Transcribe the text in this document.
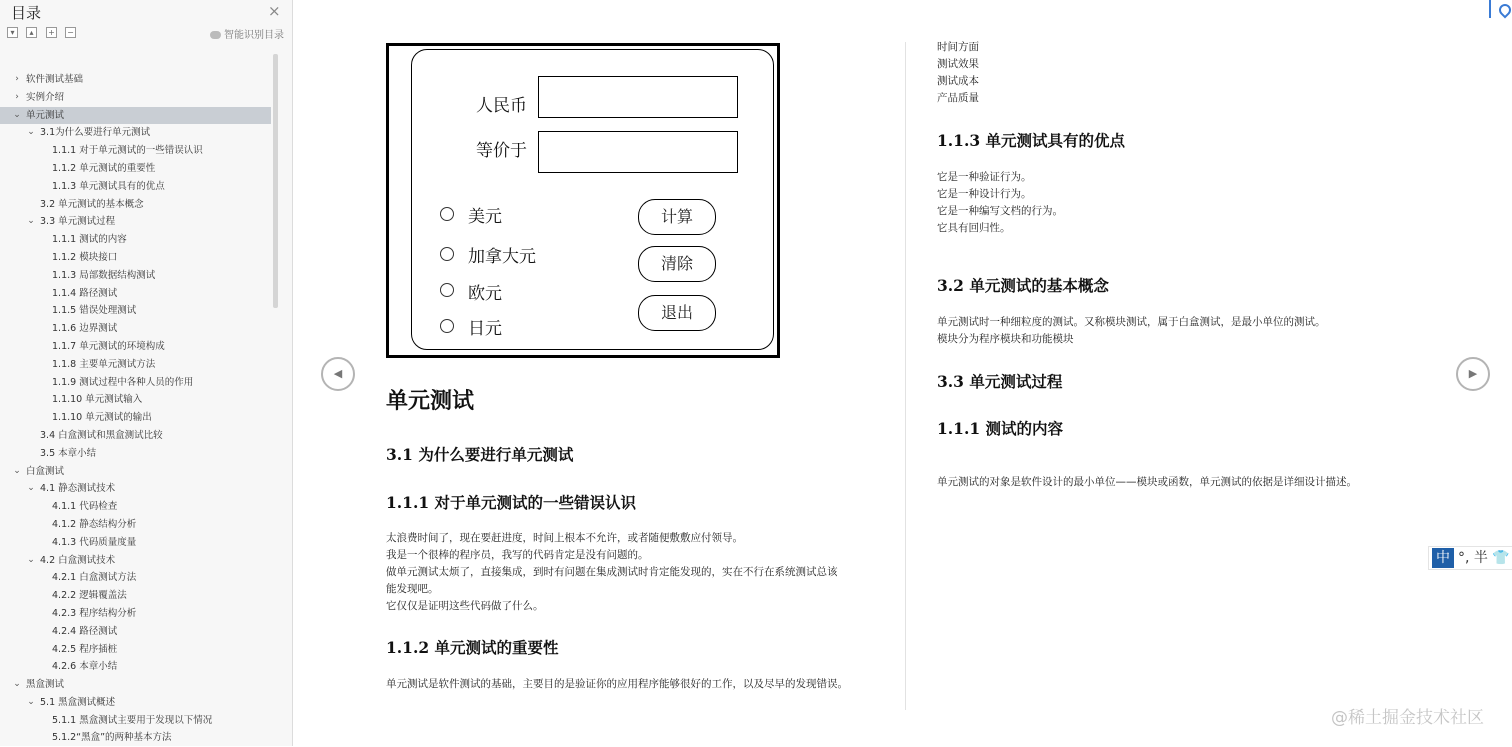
目录	×
▾	▴	+ −	智能识别目录
› 软件测试基础
› 实例介绍
⌄ 单元测试
⌄ 3.1为什么要进行单元测试
1.1.1 对于单元测试的一些错误认识
1.1.2 单元测试的重要性
1.1.3 单元测试具有的优点
3.2 单元测试的基本概念
⌄ 3.3 单元测试过程
1.1.1 测试的内容
1.1.2 模块接口
1.1.3 局部数据结构测试
1.1.4 路径测试
1.1.5 错误处理测试
1.1.6 边界测试
1.1.7 单元测试的环境构成
1.1.8 主要单元测试方法
1.1.9 测试过程中各种人员的作用
1.1.10 单元测试输入
1.1.10 单元测试的输出
3.4 白盒测试和黑盒测试比较
3.5 本章小结
⌄ 白盒测试
⌄ 4.1 静态测试技术
4.1.1 代码检查
4.1.2 静态结构分析
4.1.3 代码质量度量
⌄ 4.2 白盒测试技术
4.2.1 白盒测试方法
4.2.2 逻辑覆盖法
4.2.3 程序结构分析
4.2.4 路径测试
4.2.5 程序插桩
4.2.6 本章小结
⌄ 黑盒测试
⌄ 5.1 黑盒测试概述
5.1.1 黑盒测试主要用于发现以下情况
5.1.2“黑盒”的两种基本方法
◀	▶
人民币
等价于
美元
加拿大元
欧元
日元
计算
清除
退出
单元测试
3.1 为什么要进行单元测试
1.1.1 对于单元测试的一些错误认识
太浪费时间了，现在要赶进度，时间上根本不允许，或者随便敷敷应付领导。
我是一个很棒的程序员，我写的代码肯定是没有问题的。
做单元测试太烦了，直接集成，到时有问题在集成测试时肯定能发现的，实在不行在系统测试总该
能发现吧。
它仅仅是证明这些代码做了什么。
1.1.2 单元测试的重要性
单元测试是软件测试的基础，主要目的是验证你的应用程序能够很好的工作，以及尽早的发现错误。
时间方面
测试效果
测试成本
产品质量
1.1.3 单元测试具有的优点
它是一种验证行为。
它是一种设计行为。
它是一种编写文档的行为。
它具有回归性。
3.2 单元测试的基本概念
单元测试时一种细粒度的测试。又称模块测试，属于白盒测试，是最小单位的测试。
模块分为程序模块和功能模块
3.3 单元测试过程
1.1.1 测试的内容
单元测试的对象是软件设计的最小单位——模块或函数，单元测试的依据是详细设计描述。
中 °, 半 👕
@稀土掘金技术社区
